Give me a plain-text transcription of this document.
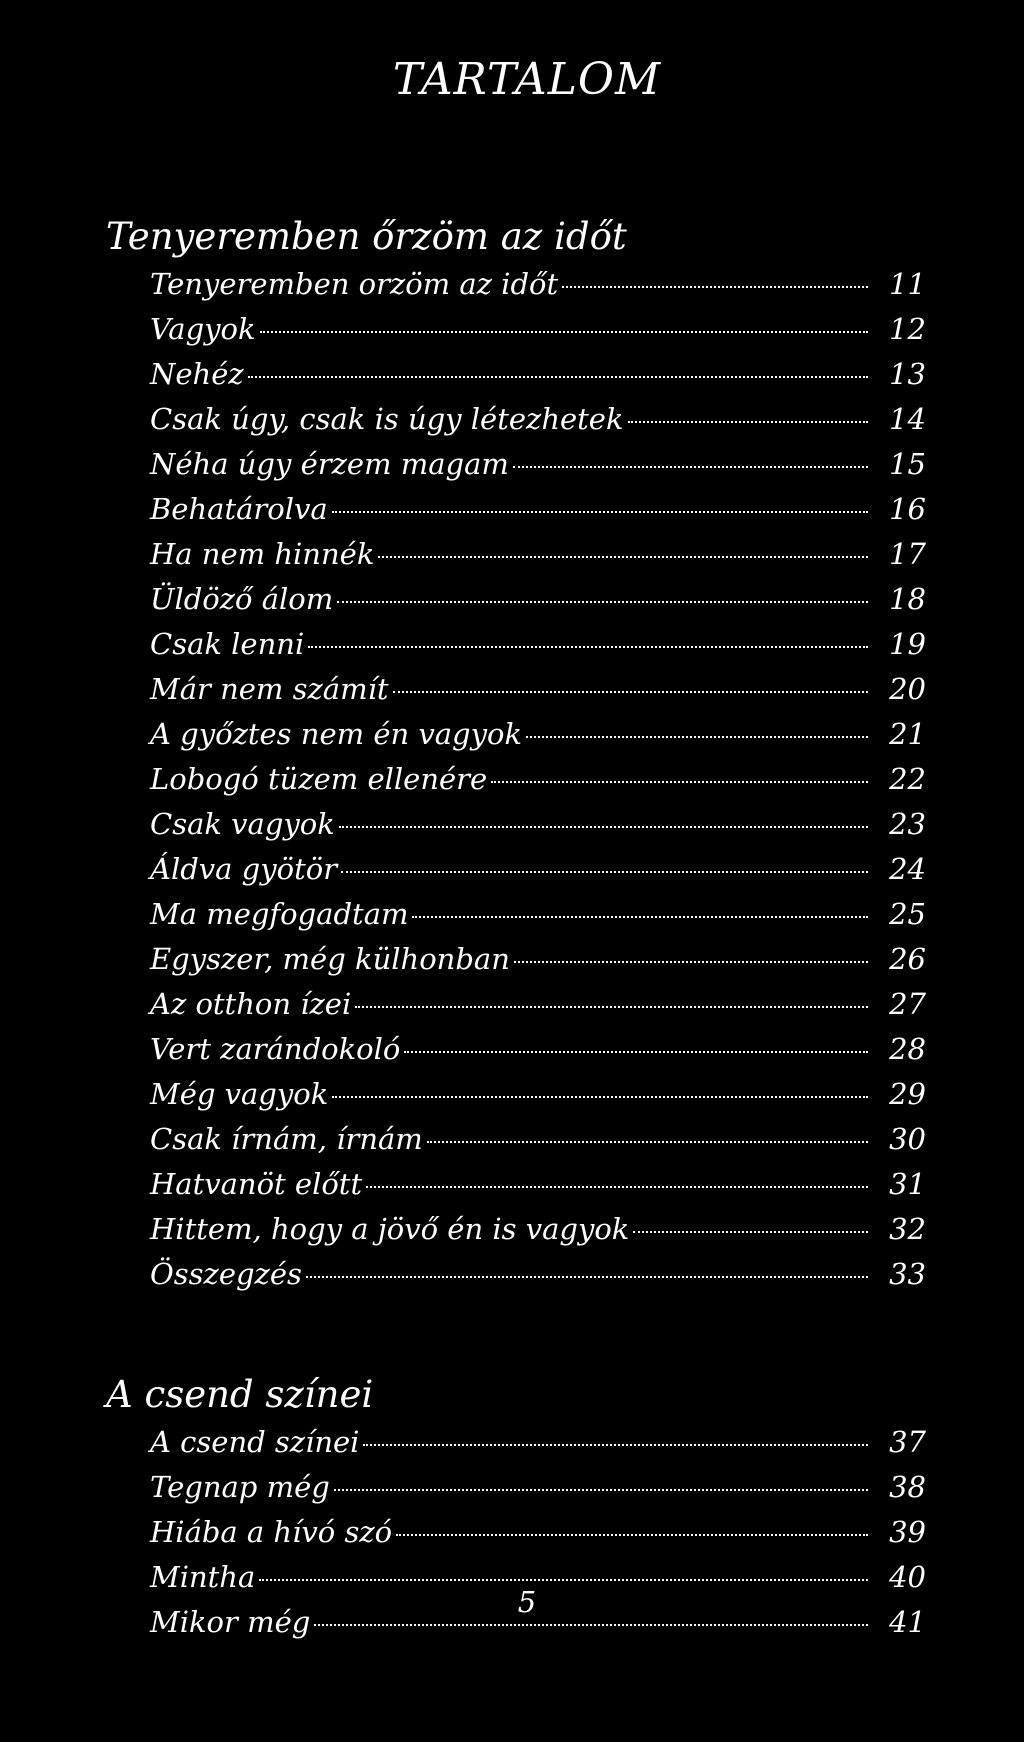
TARTALOM
Tenyeremben őrzöm az időt
Tenyeremben orzöm az időt	11
Vagyok	12
Nehéz	13
Csak úgy, csak is úgy létezhetek	14
Néha úgy érzem magam	15
Behatárolva	16
Ha nem hinnék	17
Üldöző álom	18
Csak lenni	19
Már nem számít	20
A győztes nem én vagyok	21
Lobogó tüzem ellenére	22
Csak vagyok	23
Áldva gyötör	24
Ma megfogadtam	25
Egyszer, még külhonban	26
Az otthon ízei	27
Vert zarándokoló	28
Még vagyok	29
Csak írnám, írnám	30
Hatvanöt előtt	31
Hittem, hogy a jövő én is vagyok	32
Összegzés	33
A csend színei
A csend színei	37
Tegnap még	38
Hiába a hívó szó	39
Mintha	40
Mikor még	41
5
